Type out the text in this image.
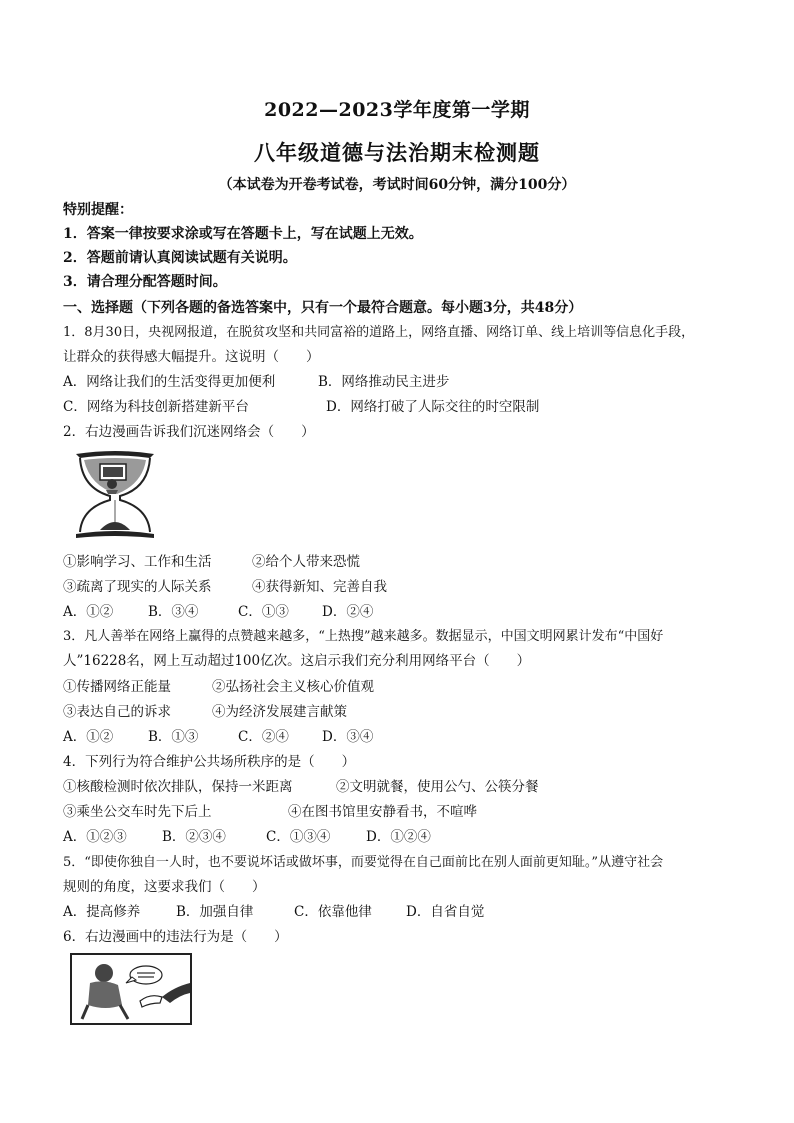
2022—2023学年度第一学期
八年级道德与法治期末检测题
（本试卷为开卷考试卷，考试时间60分钟，满分100分）
特别提醒：
1．答案一律按要求涂或写在答题卡上，写在试题上无效。
2．答题前请认真阅读试题有关说明。
3．请合理分配答题时间。
一、选择题（下列各题的备选答案中，只有一个最符合题意。每小题3分，共48分）
1．8月30日，央视网报道，在脱贫攻坚和共同富裕的道路上，网络直播、网络订单、线上培训等信息化手段，
让群众的获得感大幅提升。这说明（　　）
A．网络让我们的生活变得更加便利	B．网络推动民主进步
C．网络为科技创新搭建新平台	D．网络打破了人际交往的时空限制
2．右边漫画告诉我们沉迷网络会（　　）
①影响学习、工作和生活	②给个人带来恐慌
③疏离了现实的人际关系	④获得新知、完善自我
A．①②	B．③④	C．①③ D．②④
3．凡人善举在网络上赢得的点赞越来越多，“上热搜”越来越多。数据显示，中国文明网累计发布“中国好
人”16228名，网上互动超过100亿次。这启示我们充分利用网络平台（　　）
①传播网络正能量	②弘扬社会主义核心价值观
③表达自己的诉求	④为经济发展建言献策
A．①②	B．①③	C．②④ D．③④
4．下列行为符合维护公共场所秩序的是（　　）
①核酸检测时依次排队，保持一米距离	②文明就餐，使用公勺、公筷分餐
③乘坐公交车时先下后上	④在图书馆里安静看书，不喧哗
A．①②③	B．②③④	C．①③④	D．①②④
5．“即使你独自一人时，也不要说坏话或做坏事，而要觉得在自己面前比在别人面前更知耻。”从遵守社会
规则的角度，这要求我们（　　）
A．提高修养	B．加强自律	C．依靠他律	D．自省自觉
6．右边漫画中的违法行为是（　　）
